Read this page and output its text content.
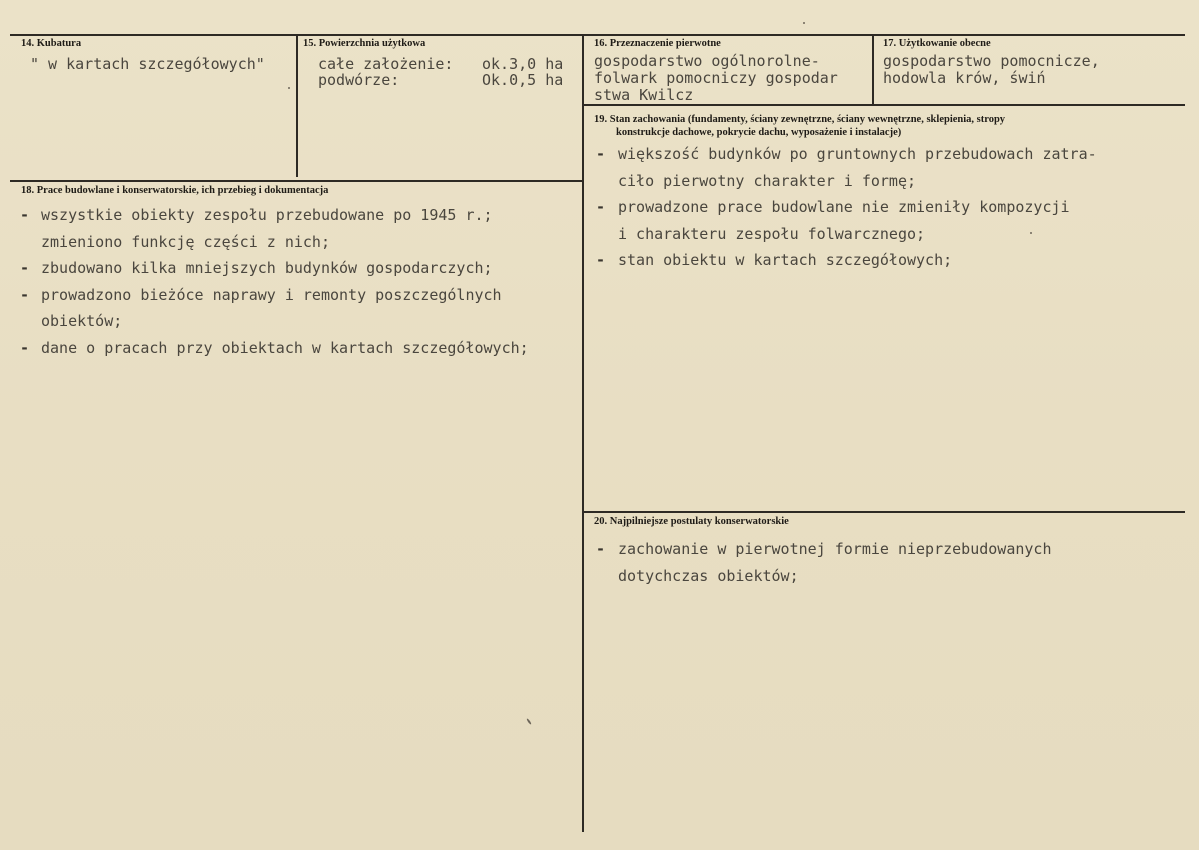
14. Kubatura
" w kartach szczegółowych"
15. Powierzchnia użytkowa
całe założenie: ok.3,0 ha
podwórze:	Ok.0,5 ha
16. Przeznaczenie pierwotne
gospodarstwo ogólnorolne-
folwark pomocniczy gospodar
stwa Kwilcz
17. Użytkowanie obecne
gospodarstwo pomocnicze,
hodowla krów, świń
18. Prace budowlane i konserwatorskie, ich przebieg i dokumentacja
- wszystkie obiekty zespołu przebudowane po 1945 r.;
zmieniono funkcję części z nich;
- zbudowano kilka mniejszych budynków gospodarczych;
- prowadzono bieżóce naprawy i remonty poszczególnych
obiektów;
- dane o pracach przy obiektach w kartach szczegółowych;
19. Stan zachowania (fundamenty, ściany zewnętrzne, ściany wewnętrzne, sklepienia, stropy
konstrukcje dachowe, pokrycie dachu, wyposażenie i instalacje)
- większość budynków po gruntownych przebudowach zatra-
ciło pierwotny charakter i formę;
- prowadzone prace budowlane nie zmieniły kompozycji
i charakteru zespołu folwarcznego;
- stan obiektu w kartach szczegółowych;
20. Najpilniejsze postulaty konserwatorskie
- zachowanie w pierwotnej formie nieprzebudowanych
dotychczas obiektów;
